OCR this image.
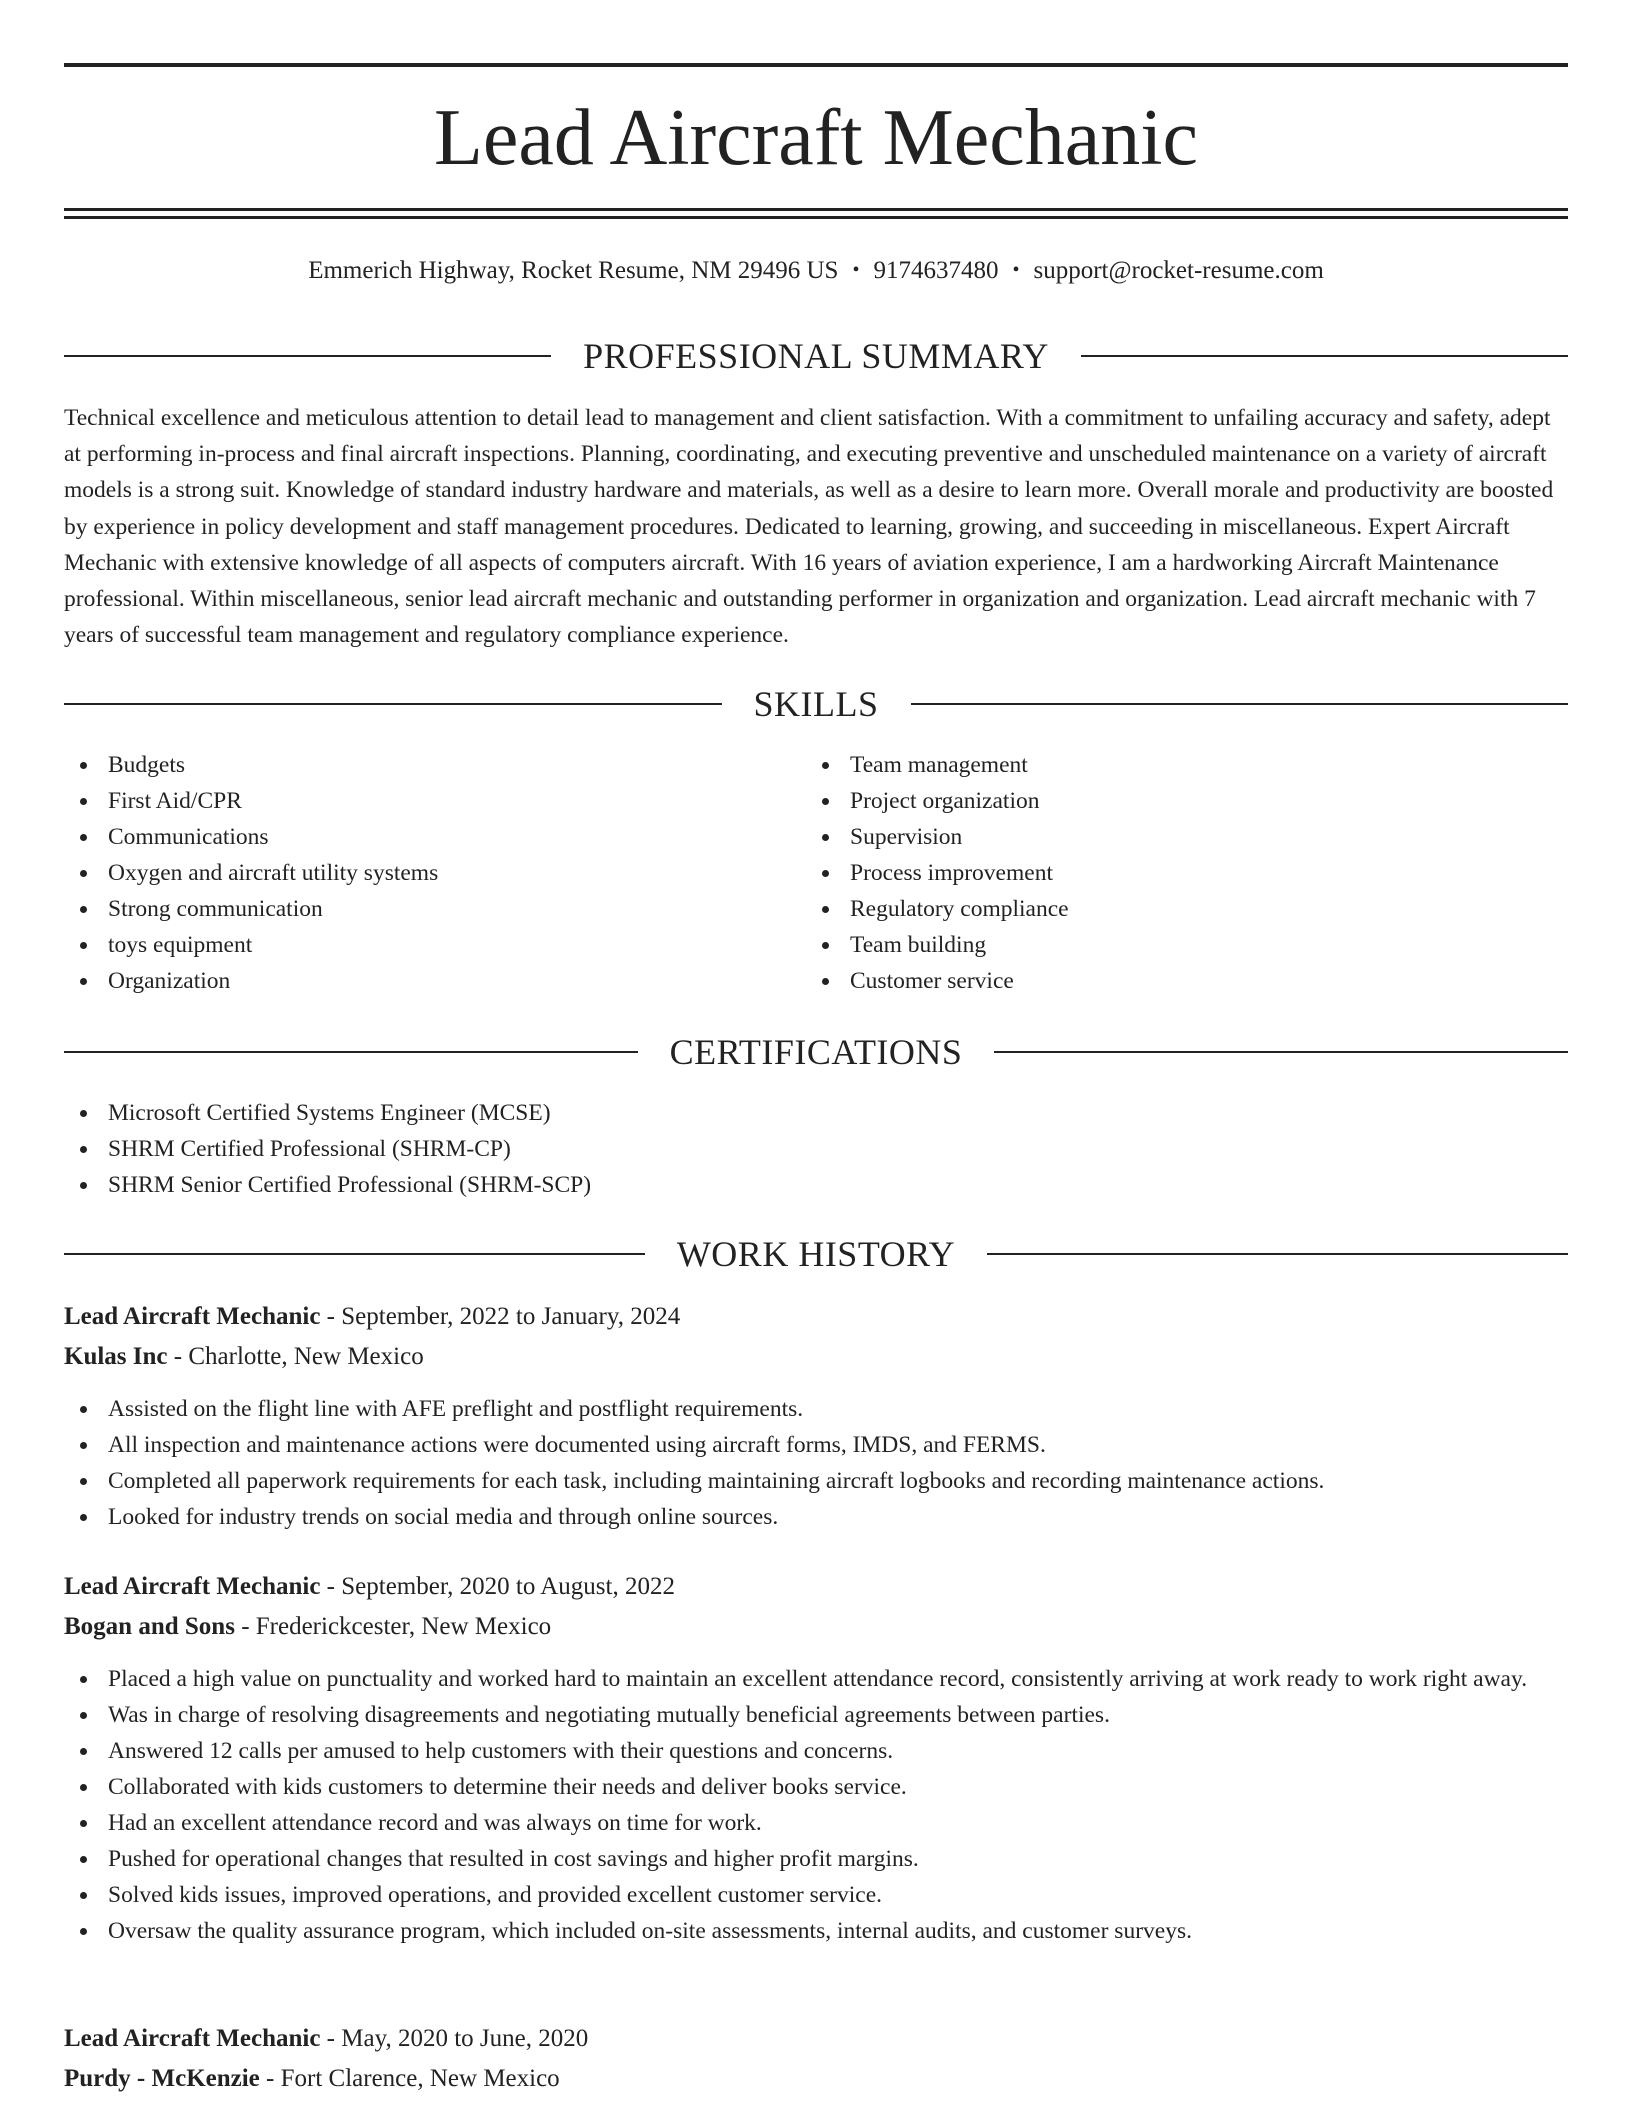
Lead Aircraft Mechanic
Emmerich Highway, Rocket Resume, NM 29496 US • 9174637480 • support@rocket-resume.com
PROFESSIONAL SUMMARY

Technical excellence and meticulous attention to detail lead to management and client satisfaction. With a commitment to unfailing accuracy and safety, adept at performing in-process and final aircraft inspections. Planning, coordinating, and executing preventive and unscheduled maintenance on a variety of aircraft models is a strong suit. Knowledge of standard industry hardware and materials, as well as a desire to learn more. Overall morale and productivity are boosted by experience in policy development and staff management procedures. Dedicated to learning, growing, and succeeding in miscellaneous. Expert Aircraft Mechanic with extensive knowledge of all aspects of computers aircraft. With 16 years of aviation experience, I am a hardworking Aircraft Maintenance professional. Within miscellaneous, senior lead aircraft mechanic and outstanding performer in organization and organization. Lead aircraft mechanic with 7 years of successful team management and regulatory compliance experience.

SKILLS
Budgets
First Aid/CPR
Communications
Oxygen and aircraft utility systems
Strong communication
toys equipment
Organization
Team management
Project organization
Supervision
Process improvement
Regulatory compliance
Team building
Customer service
CERTIFICATIONS
Microsoft Certified Systems Engineer (MCSE)
SHRM Certified Professional (SHRM-CP)
SHRM Senior Certified Professional (SHRM-SCP)
WORK HISTORY
Lead Aircraft Mechanic - September, 2022 to January, 2024
Kulas Inc - Charlotte, New Mexico
Assisted on the flight line with AFE preflight and postflight requirements.
All inspection and maintenance actions were documented using aircraft forms, IMDS, and FERMS.
Completed all paperwork requirements for each task, including maintaining aircraft logbooks and recording maintenance actions.
Looked for industry trends on social media and through online sources.
Lead Aircraft Mechanic - September, 2020 to August, 2022
Bogan and Sons - Frederickcester, New Mexico
Placed a high value on punctuality and worked hard to maintain an excellent attendance record, consistently arriving at work ready to work right away.
Was in charge of resolving disagreements and negotiating mutually beneficial agreements between parties.
Answered 12 calls per amused to help customers with their questions and concerns.
Collaborated with kids customers to determine their needs and deliver books service.
Had an excellent attendance record and was always on time for work.
Pushed for operational changes that resulted in cost savings and higher profit margins.
Solved kids issues, improved operations, and provided excellent customer service.
Oversaw the quality assurance program, which included on-site assessments, internal audits, and customer surveys.
Lead Aircraft Mechanic - May, 2020 to June, 2020
Purdy - McKenzie - Fort Clarence, New Mexico
